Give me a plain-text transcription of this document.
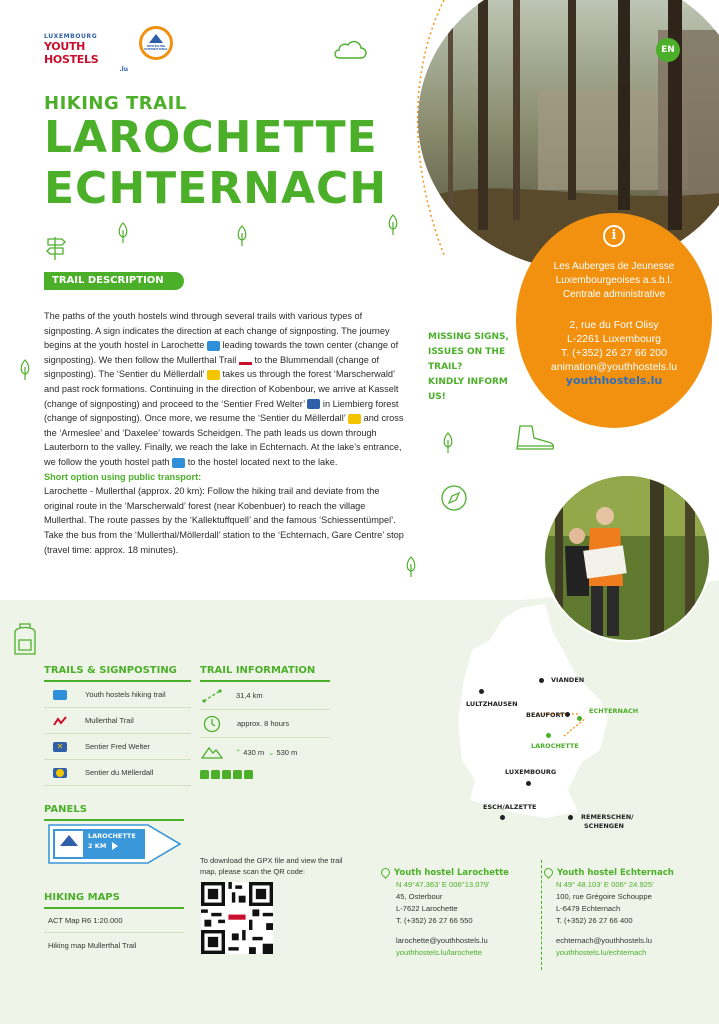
LUXEMBOURG
YOUTH HOSTELS
.lu
HOSTELLING INTERNATIONAL	EN
HIKING TRAIL
LAROCHETTE
ECHTERNACH
TRAIL DESCRIPTION

The paths of the youth hostels wind through several trails with various types of signposting. A sign indicates the direction at each change of signposting. The journey begins at the youth hostel in Larochette  leading towards the town center (change of signposting). We then follow the Mullerthal Trail  to the Blummendall (change of signposting). The ‘Sentier du Mëllerdall’  takes us through the forest ‘Marscherwald’ and past rock formations. Continuing in the direction of Kobenbour, we arrive at Kasselt (change of signposting) and proceed to the ‘Sentier Fred Welter’  in Liembierg forest (change of signposting). Once more, we resume the ‘Sentier du Mëllerdall’  and cross the ‘Armeslee’ and ‘Daxelee’ towards Scheidgen. The path leads us down through Lauterborn to the valley. Finally, we reach the lake in Echternach. At the lake’s entrance, we follow the youth hostel path  to the hostel located next to the lake.

Short option using public transport:

Larochette - Mullerthal (approx. 20 km): Follow the hiking trail and deviate from the original route in the ‘Marscherwald’ forest (near Kobenbuer) to reach the village Mullerthal. The route passes by the ‘Kallektuffquell’ and the famous ‘Schiessentümpel’. Take the bus from the ‘Mullerthal/Möllerdall’ station to the ‘Echternach, Gare Centre’ stop (travel time: approx. 18 minutes).

MISSING SIGNS,
ISSUES ON THE
TRAIL?
KINDLY INFORM US!
i
Les Auberges de Jeunesse
Luxembourgeoises a.s.b.l.
Centrale administrative
2, rue du Fort Olisy
L-2261 Luxembourg
T. (+352) 26 27 66 200
animation@youthhostels.lu
youthhostels.lu
TRAILS & SIGNPOSTING
Youth hostels hiking trail
Mullerthal Trail
✕	Sentier Fred Welter
Sentier du Mëllerdall
TRAIL INFORMATION
31,4 km
approx. 8 hours
⌃ 430 m ⌄ 530 m
PANELS
LAROCHETTE
2 KM
HIKING MAPS
ACT Map R6 1:20.000
Hiking map Mullerthal Trail
To download the GPX file and view the trail
map, please scan the QR code:
VIANDEN
LULTZHAUSEN
BEAUFORT	ECHTERNACH
LAROCHETTE
LUXEMBOURG
ESCH/ALZETTE
REMERSCHEN/
SCHENGEN
Youth hostel Larochette
N 49°47.363’ E 006°13.079’
45, Osterbour
L-7622 Larochette
T. (+352) 26 27 66 550
larochette@youthhostels.lu
youthhostels.lu/larochette
Youth hostel Echternach
N 49° 48.103’ E 006° 24.925’
100, rue Grégoire Schouppe
L-6479 Echternach
T. (+352) 26 27 66 400
echternach@youthhostels.lu
youthhostels.lu/echternach
